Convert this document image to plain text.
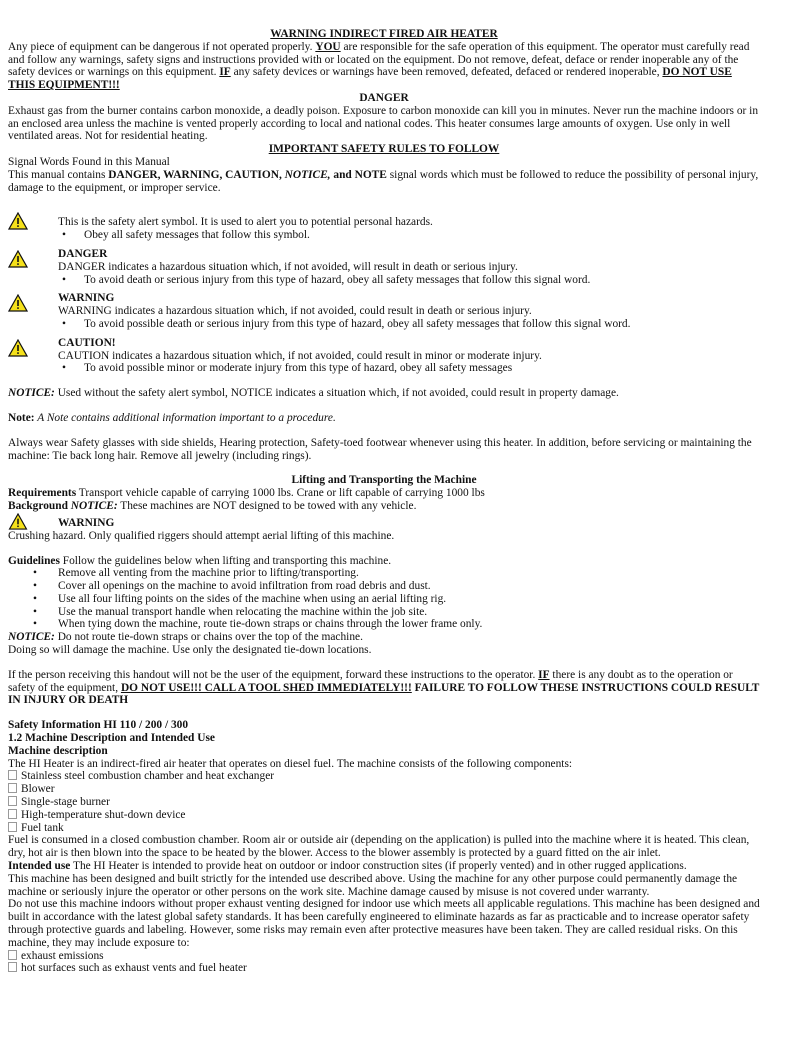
WARNING INDIRECT FIRED AIR HEATER

Any piece of equipment can be dangerous if not operated properly. YOU are responsible for the safe operation of this equipment. The operator must carefully read and follow any warnings, safety signs and instructions provided with or located on the equipment. Do not remove, defeat, deface or render inoperable any of the safety devices or warnings on this equipment. IF any safety devices or warnings have been removed, defeated, defaced or rendered inoperable, DO NOT USE THIS EQUIPMENT!!!

DANGER

Exhaust gas from the burner contains carbon monoxide, a deadly poison. Exposure to carbon monoxide can kill you in minutes. Never run the machine indoors or in an enclosed area unless the machine is vented properly according to local and national codes. This heater consumes large amounts of oxygen. Use only in well ventilated areas. Not for residential heating.

IMPORTANT SAFETY RULES TO FOLLOW

Signal Words Found in this Manual

This manual contains DANGER, WARNING, CAUTION, NOTICE, and NOTE signal words which must be followed to reduce the possibility of personal injury, damage to the equipment, or improper service.

This is the safety alert symbol. It is used to alert you to potential personal hazards.

• Obey all safety messages that follow this symbol.

DANGER

DANGER indicates a hazardous situation which, if not avoided, will result in death or serious injury.

• To avoid death or serious injury from this type of hazard, obey all safety messages that follow this signal word.

WARNING

WARNING indicates a hazardous situation which, if not avoided, could result in death or serious injury.

• To avoid possible death or serious injury from this type of hazard, obey all safety messages that follow this signal word.

CAUTION!

CAUTION indicates a hazardous situation which, if not avoided, could result in minor or moderate injury.

• To avoid possible minor or moderate injury from this type of hazard, obey all safety messages

NOTICE: Used without the safety alert symbol, NOTICE indicates a situation which, if not avoided, could result in property damage.

Note: A Note contains additional information important to a procedure.

Always wear Safety glasses with side shields, Hearing protection, Safety-toed footwear whenever using this heater. In addition, before servicing or maintaining the machine: Tie back long hair. Remove all jewelry (including rings).

Lifting and Transporting the Machine

Requirements Transport vehicle capable of carrying 1000 lbs. Crane or lift capable of carrying 1000 lbs

Background NOTICE: These machines are NOT designed to be towed with any vehicle.

WARNING

Crushing hazard. Only qualified riggers should attempt aerial lifting of this machine.

Guidelines Follow the guidelines below when lifting and transporting this machine.

• Remove all venting from the machine prior to lifting/transporting.
• Cover all openings on the machine to avoid infiltration from road debris and dust.
• Use all four lifting points on the sides of the machine when using an aerial lifting rig.
• Use the manual transport handle when relocating the machine within the job site.
• When tying down the machine, route tie-down straps or chains through the lower frame only.

NOTICE: Do not route tie-down straps or chains over the top of the machine.

Doing so will damage the machine. Use only the designated tie-down locations.

If the person receiving this handout will not be the user of the equipment, forward these instructions to the operator. IF there is any doubt as to the operation or safety of the equipment, DO NOT USE!!! CALL A TOOL SHED IMMEDIATELY!!! FAILURE TO FOLLOW THESE INSTRUCTIONS COULD RESULT IN INJURY OR DEATH

Safety Information HI 110 / 200 / 300

1.2 Machine Description and Intended Use

Machine description

The HI Heater is an indirect-fired air heater that operates on diesel fuel. The machine consists of the following components:

Stainless steel combustion chamber and heat exchanger

Blower

Single-stage burner

High-temperature shut-down device

Fuel tank

Fuel is consumed in a closed combustion chamber. Room air or outside air (depending on the application) is pulled into the machine where it is heated. This clean, dry, hot air is then blown into the space to be heated by the blower. Access to the blower assembly is protected by a guard fitted on the air inlet.

Intended use The HI Heater is intended to provide heat on outdoor or indoor construction sites (if properly vented) and in other rugged applications.

This machine has been designed and built strictly for the intended use described above. Using the machine for any other purpose could permanently damage the machine or seriously injure the operator or other persons on the work site. Machine damage caused by misuse is not covered under warranty.

Do not use this machine indoors without proper exhaust venting designed for indoor use which meets all applicable regulations. This machine has been designed and built in accordance with the latest global safety standards. It has been carefully engineered to eliminate hazards as far as practicable and to increase operator safety through protective guards and labeling. However, some risks may remain even after protective measures have been taken. They are called residual risks. On this machine, they may include exposure to:

exhaust emissions

hot surfaces such as exhaust vents and fuel heater
